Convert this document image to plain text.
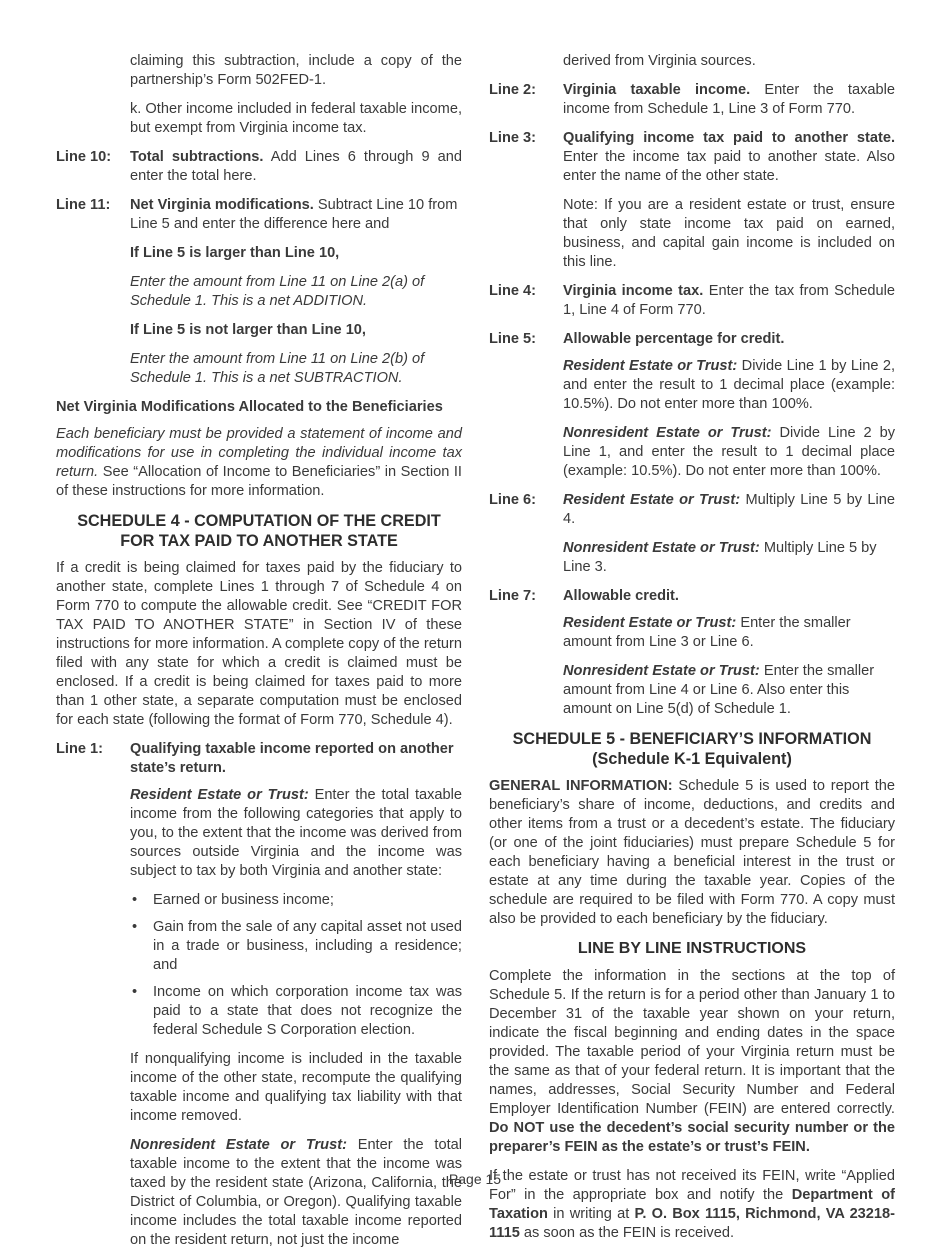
claiming this subtraction, include a copy of the partnership’s Form 502FED-1.

k. Other income included in federal taxable income, but exempt from Virginia income tax.

Line 10:	Total subtractions. Add Lines 6 through 9 and enter the total here.
Line 11:	Net Virginia modifications. Subtract Line 10 from Line 5 and enter the difference here and

If Line 5 is larger than Line 10,

Enter the amount from Line 11 on Line 2(a) of Schedule 1. This is a net ADDITION.

If Line 5 is not larger than Line 10,

Enter the amount from Line 11 on Line 2(b) of Schedule 1. This is a net SUBTRACTION.

Net Virginia Modifications Allocated to the Beneficiaries

Each beneficiary must be provided a statement of income and modifications for use in completing the individual income tax return. See “Allocation of Income to Beneficiaries” in Section II of these instructions for more information.

SCHEDULE 4 - COMPUTATION OF THE CREDIT
FOR TAX PAID TO ANOTHER STATE

If a credit is being claimed for taxes paid by the fiduciary to another state, complete Lines 1 through 7 of Schedule 4 on Form 770 to compute the allowable credit. See “CREDIT FOR TAX PAID TO ANOTHER STATE” in Section IV of these instructions for more information. A complete copy of the return filed with any state for which a credit is claimed must be enclosed. If a credit is being claimed for taxes paid to more than 1 other state, a separate computation must be enclosed for each state (following the format of Form 770, Schedule 4).

Line 1:	Qualifying taxable income reported on another state’s return.

Resident Estate or Trust: Enter the total taxable income from the following categories that apply to you, to the extent that the income was derived from sources outside Virginia and the income was subject to tax by both Virginia and another state:

• Earned or business income;
• Gain from the sale of any capital asset not used in a trade or business, including a residence; and
• Income on which corporation income tax was paid to a state that does not recognize the federal Schedule S Corporation election.

If nonqualifying income is included in the taxable income of the other state, recompute the qualifying taxable income and qualifying tax liability with that income removed.

Nonresident Estate or Trust: Enter the total taxable income to the extent that the income was taxed by the resident state (Arizona, California, the District of Columbia, or Oregon). Qualifying taxable income includes the total taxable income reported on the resident return, not just the income

derived from Virginia sources.

Line 2:	Virginia taxable income. Enter the taxable income from Schedule 1, Line 3 of Form 770.
Line 3:	Qualifying income tax paid to another state. Enter the income tax paid to another state. Also enter the name of the other state.

Note: If you are a resident estate or trust, ensure that only state income tax paid on earned, business, and capital gain income is included on this line.

Line 4:	Virginia income tax. Enter the tax from Schedule 1, Line 4 of Form 770.
Line 5:	Allowable percentage for credit.

Resident Estate or Trust: Divide Line 1 by Line 2, and enter the result to 1 decimal place (example: 10.5%). Do not enter more than 100%.

Nonresident Estate or Trust: Divide Line 2 by Line 1, and enter the result to 1 decimal place (example: 10.5%). Do not enter more than 100%.

Line 6:	Resident Estate or Trust: Multiply Line 5 by Line 4.

Nonresident Estate or Trust: Multiply Line 5 by Line 3.

Line 7:	Allowable credit.

Resident Estate or Trust: Enter the smaller amount from Line 3 or Line 6.

Nonresident Estate or Trust: Enter the smaller amount from Line 4 or Line 6. Also enter this amount on Line 5(d) of Schedule 1.

SCHEDULE 5 - BENEFICIARY’S INFORMATION
(Schedule K-1 Equivalent)

GENERAL INFORMATION: Schedule 5 is used to report the beneficiary’s share of income, deductions, and credits and other items from a trust or a decedent’s estate. The fiduciary (or one of the joint fiduciaries) must prepare Schedule 5 for each beneficiary having a beneficial interest in the trust or estate at any time during the taxable year. Copies of the schedule are required to be filed with Form 770. A copy must also be provided to each beneficiary by the fiduciary.

LINE BY LINE INSTRUCTIONS

Complete the information in the sections at the top of Schedule 5. If the return is for a period other than January 1 to December 31 of the taxable year shown on your return, indicate the fiscal beginning and ending dates in the space provided. The taxable period of your Virginia return must be the same as that of your federal return. It is important that the names, addresses, Social Security Number and Federal Employer Identification Number (FEIN) are entered correctly. Do NOT use the decedent’s social security number or the preparer’s FEIN as the estate’s or trust’s FEIN.

If the estate or trust has not received its FEIN, write “Applied For” in the appropriate box and notify the Department of Taxation in writing at P. O. Box 1115, Richmond, VA 23218-1115 as soon as the FEIN is received.

Page 15
